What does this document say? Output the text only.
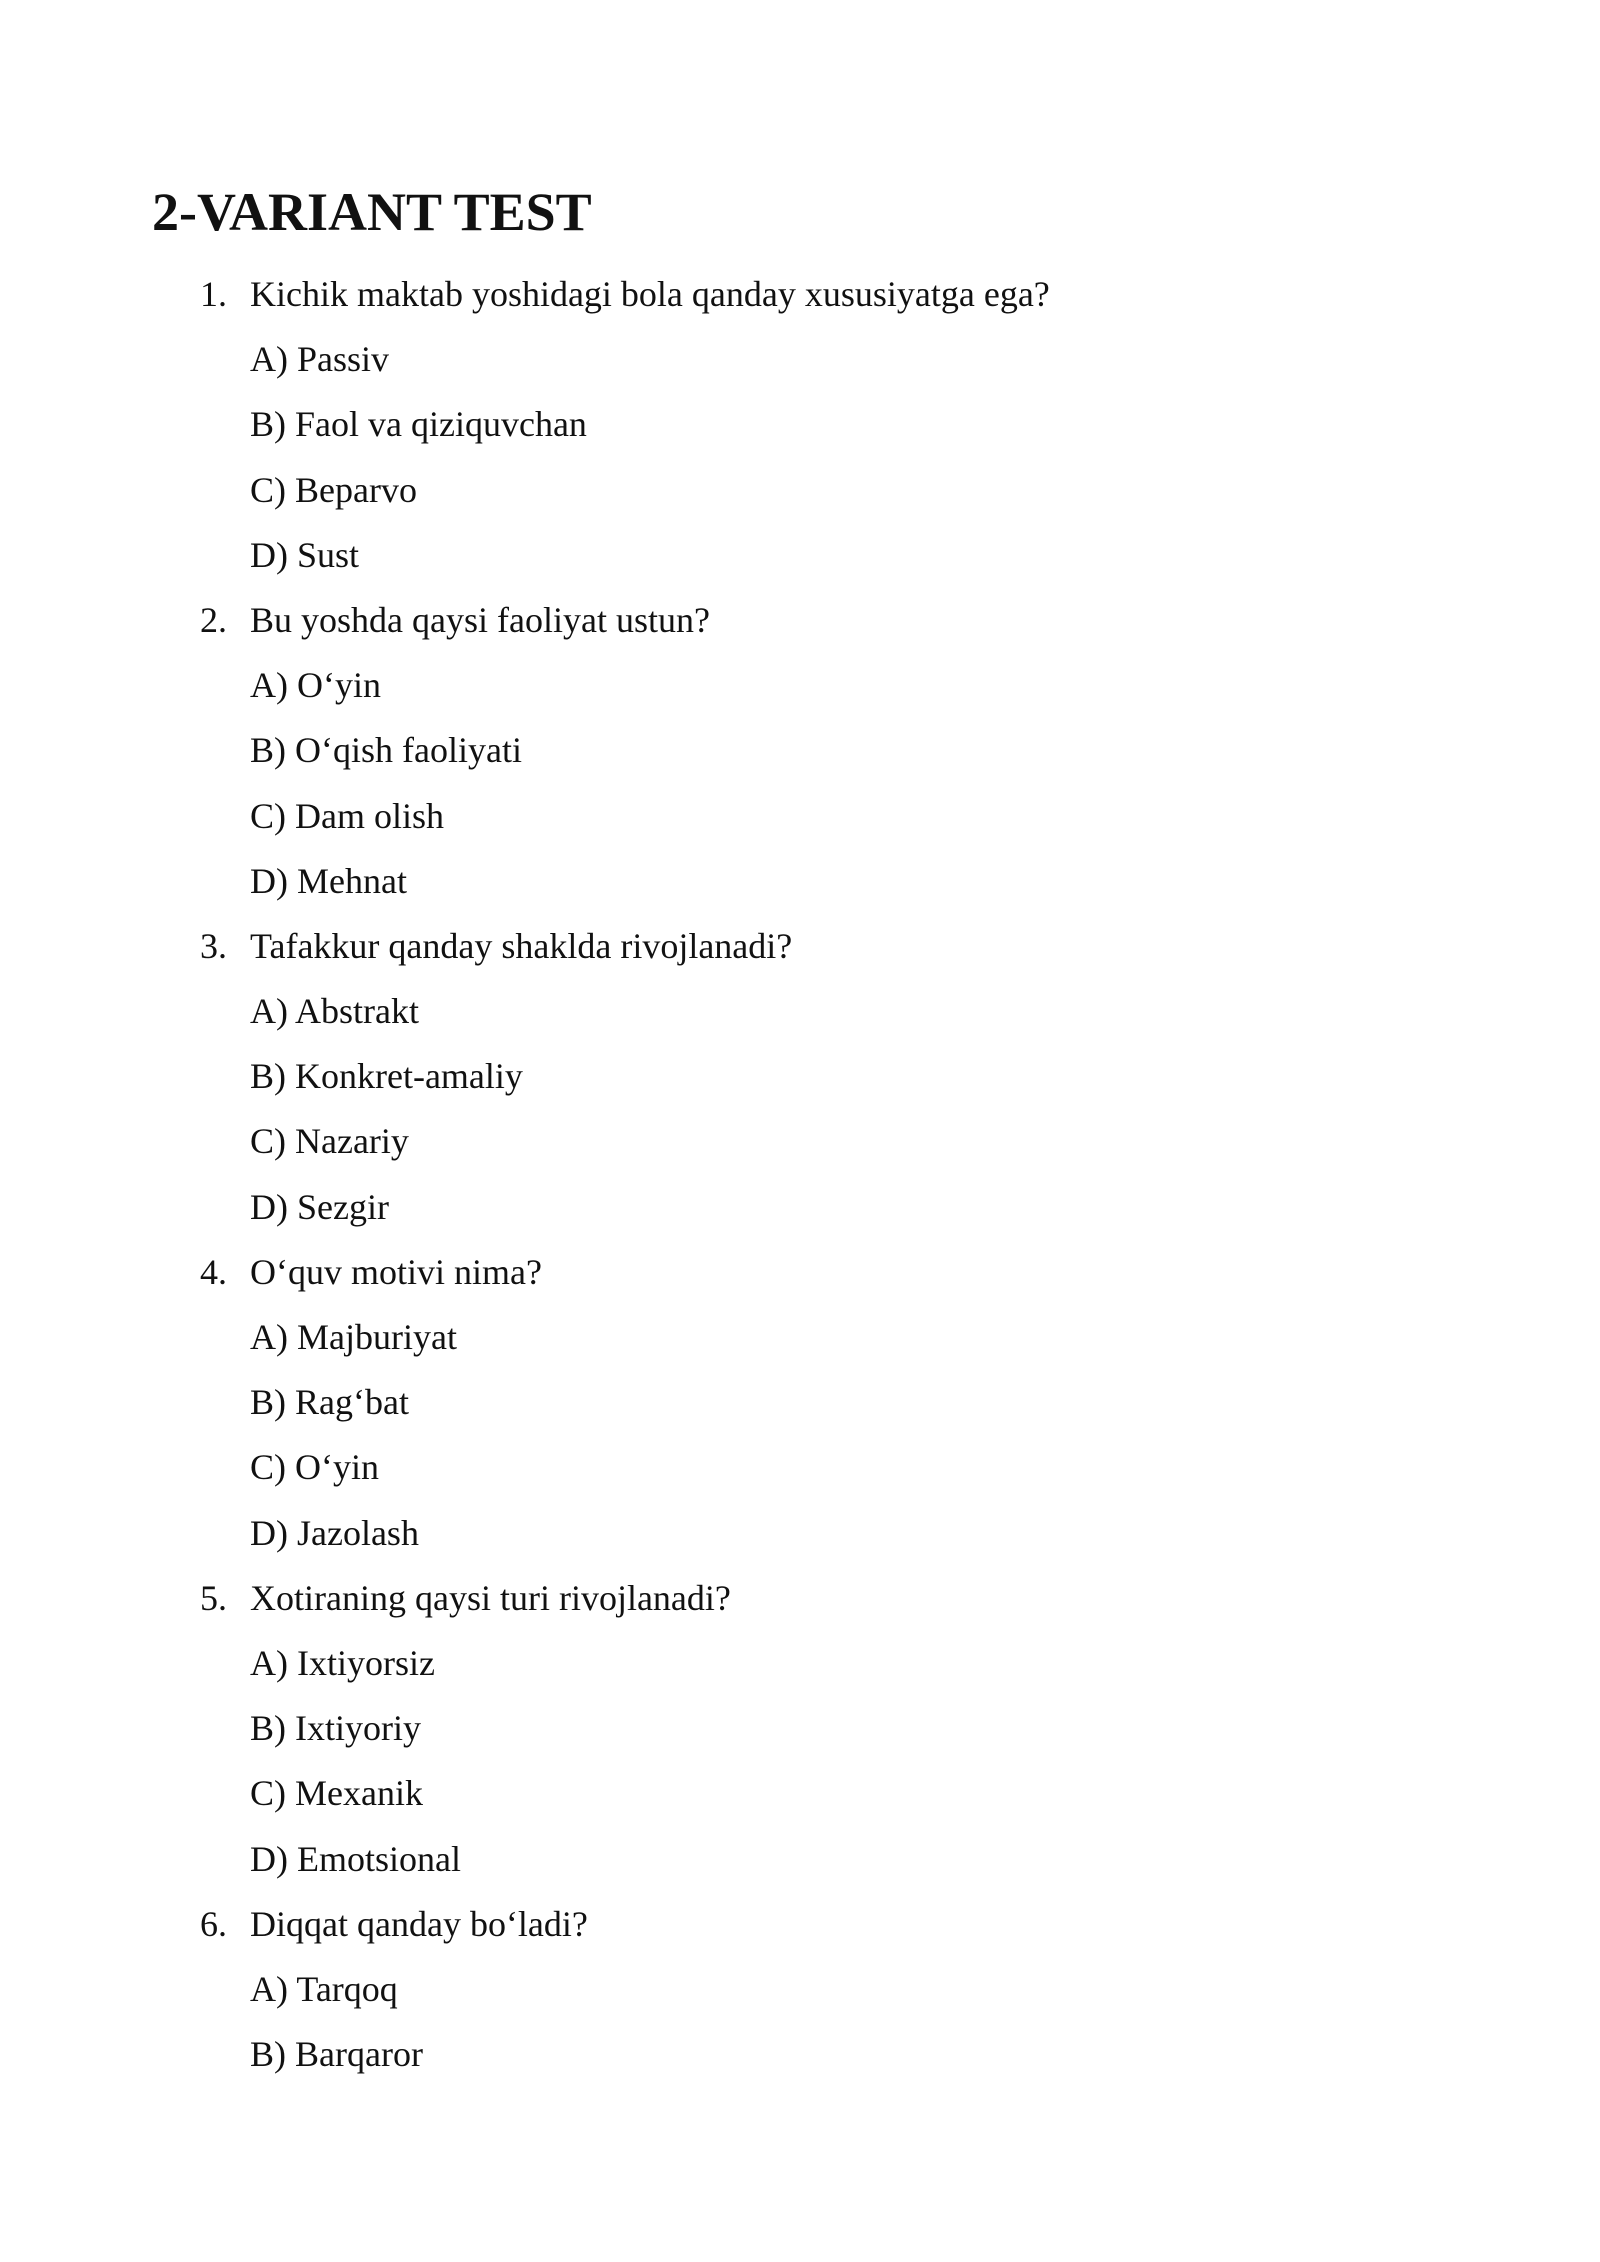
2-VARIANT TEST
1. Kichik maktab yoshidagi bola qanday xususiyatga ega?
A) Passiv
B) Faol va qiziquvchan
C) Beparvo
D) Sust
2. Bu yoshda qaysi faoliyat ustun?
A) O‘yin
B) O‘qish faoliyati
C) Dam olish
D) Mehnat
3. Tafakkur qanday shaklda rivojlanadi?
A) Abstrakt
B) Konkret-amaliy
C) Nazariy
D) Sezgir
4. O‘quv motivi nima?
A) Majburiyat
B) Rag‘bat
C) O‘yin
D) Jazolash
5. Xotiraning qaysi turi rivojlanadi?
A) Ixtiyorsiz
B) Ixtiyoriy
C) Mexanik
D) Emotsional
6. Diqqat qanday bo‘ladi?
A) Tarqoq
B) Barqaror
